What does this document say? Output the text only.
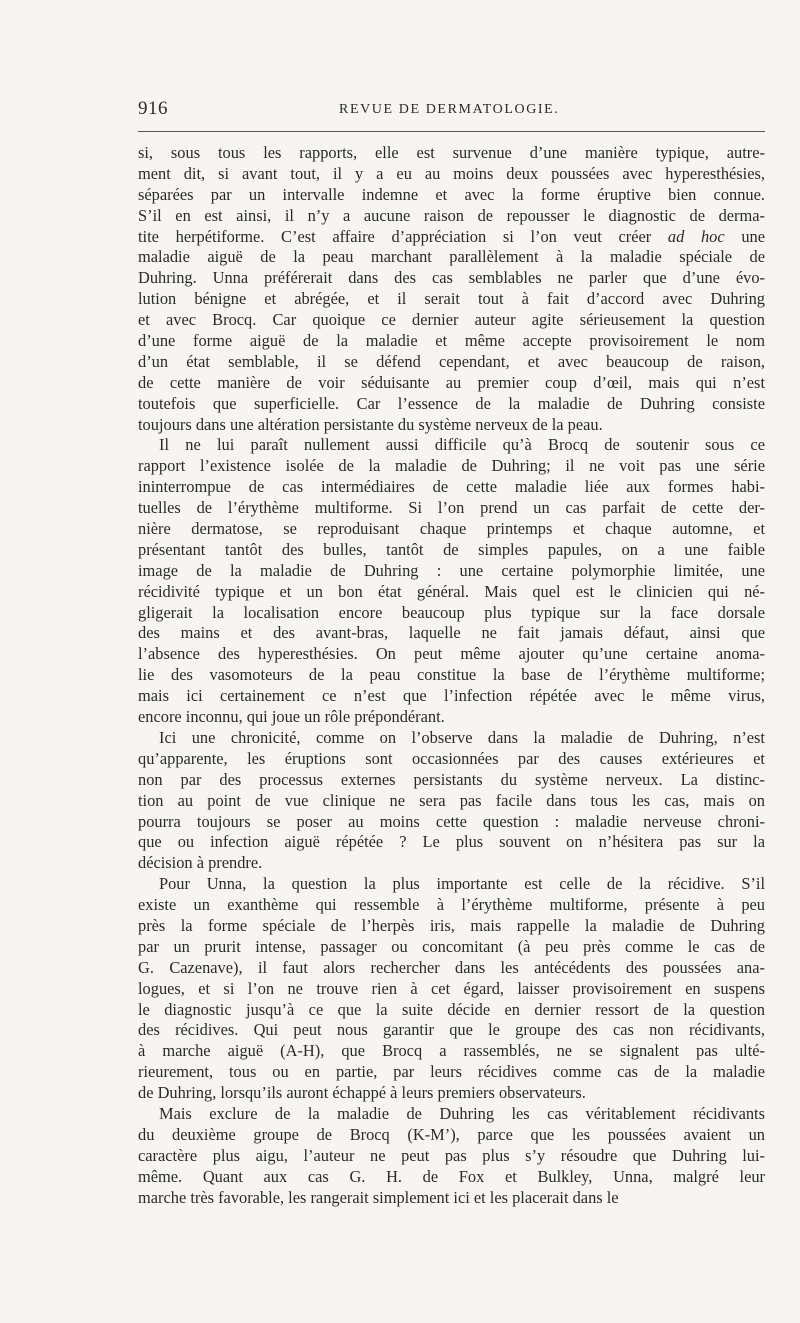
916	REVUE DE DERMATOLOGIE.
si, sous tous les rapports, elle est survenue d’une manière typique, autre-
ment dit, si avant tout, il y a eu au moins deux poussées avec hyperesthésies,
séparées par un intervalle indemne et avec la forme éruptive bien connue.
S’il en est ainsi, il n’y a aucune raison de repousser le diagnostic de derma-
tite herpétiforme. C’est affaire d’appréciation si l’on veut créer ad hoc une
maladie aiguë de la peau marchant parallèlement à la maladie spéciale de
Duhring. Unna préférerait dans des cas semblables ne parler que d’une évo-
lution bénigne et abrégée, et il serait tout à fait d’accord avec Duhring
et avec Brocq. Car quoique ce dernier auteur agite sérieusement la question
d’une forme aiguë de la maladie et même accepte provisoirement le nom
d’un état semblable, il se défend cependant, et avec beaucoup de raison,
de cette manière de voir séduisante au premier coup d’œil, mais qui n’est
toutefois que superficielle. Car l’essence de la maladie de Duhring consiste
toujours dans une altération persistante du système nerveux de la peau.
Il ne lui paraît nullement aussi difficile qu’à Brocq de soutenir sous ce
rapport l’existence isolée de la maladie de Duhring; il ne voit pas une série
ininterrompue de cas intermédiaires de cette maladie liée aux formes habi-
tuelles de l’érythème multiforme. Si l’on prend un cas parfait de cette der-
nière dermatose, se reproduisant chaque printemps et chaque automne, et
présentant tantôt des bulles, tantôt de simples papules, on a une faible
image de la maladie de Duhring : une certaine polymorphie limitée, une
récidivité typique et un bon état général. Mais quel est le clinicien qui né-
gligerait la localisation encore beaucoup plus typique sur la face dorsale
des mains et des avant-bras, laquelle ne fait jamais défaut, ainsi que
l’absence des hyperesthésies. On peut même ajouter qu’une certaine anoma-
lie des vasomoteurs de la peau constitue la base de l’érythème multiforme;
mais ici certainement ce n’est que l’infection répétée avec le même virus,
encore inconnu, qui joue un rôle prépondérant.
Ici une chronicité, comme on l’observe dans la maladie de Duhring, n’est
qu’apparente, les éruptions sont occasionnées par des causes extérieures et
non par des processus externes persistants du système nerveux. La distinc-
tion au point de vue clinique ne sera pas facile dans tous les cas, mais on
pourra toujours se poser au moins cette question : maladie nerveuse chroni-
que ou infection aiguë répétée ? Le plus souvent on n’hésitera pas sur la
décision à prendre.
Pour Unna, la question la plus importante est celle de la récidive. S’il
existe un exanthème qui ressemble à l’érythème multiforme, présente à peu
près la forme spéciale de l’herpès iris, mais rappelle la maladie de Duhring
par un prurit intense, passager ou concomitant (à peu près comme le cas de
G. Cazenave), il faut alors rechercher dans les antécédents des poussées ana-
logues, et si l’on ne trouve rien à cet égard, laisser provisoirement en suspens
le diagnostic jusqu’à ce que la suite décide en dernier ressort de la question
des récidives. Qui peut nous garantir que le groupe des cas non récidivants,
à marche aiguë (A-H), que Brocq a rassemblés, ne se signalent pas ulté-
rieurement, tous ou en partie, par leurs récidives comme cas de la maladie
de Duhring, lorsqu’ils auront échappé à leurs premiers observateurs.
Mais exclure de la maladie de Duhring les cas véritablement récidivants
du deuxième groupe de Brocq (K-M’), parce que les poussées avaient un
caractère plus aigu, l’auteur ne peut pas plus s’y résoudre que Duhring lui-
même. Quant aux cas G. H. de Fox et Bulkley, Unna, malgré leur
marche très favorable, les rangerait simplement ici et les placerait dans le
